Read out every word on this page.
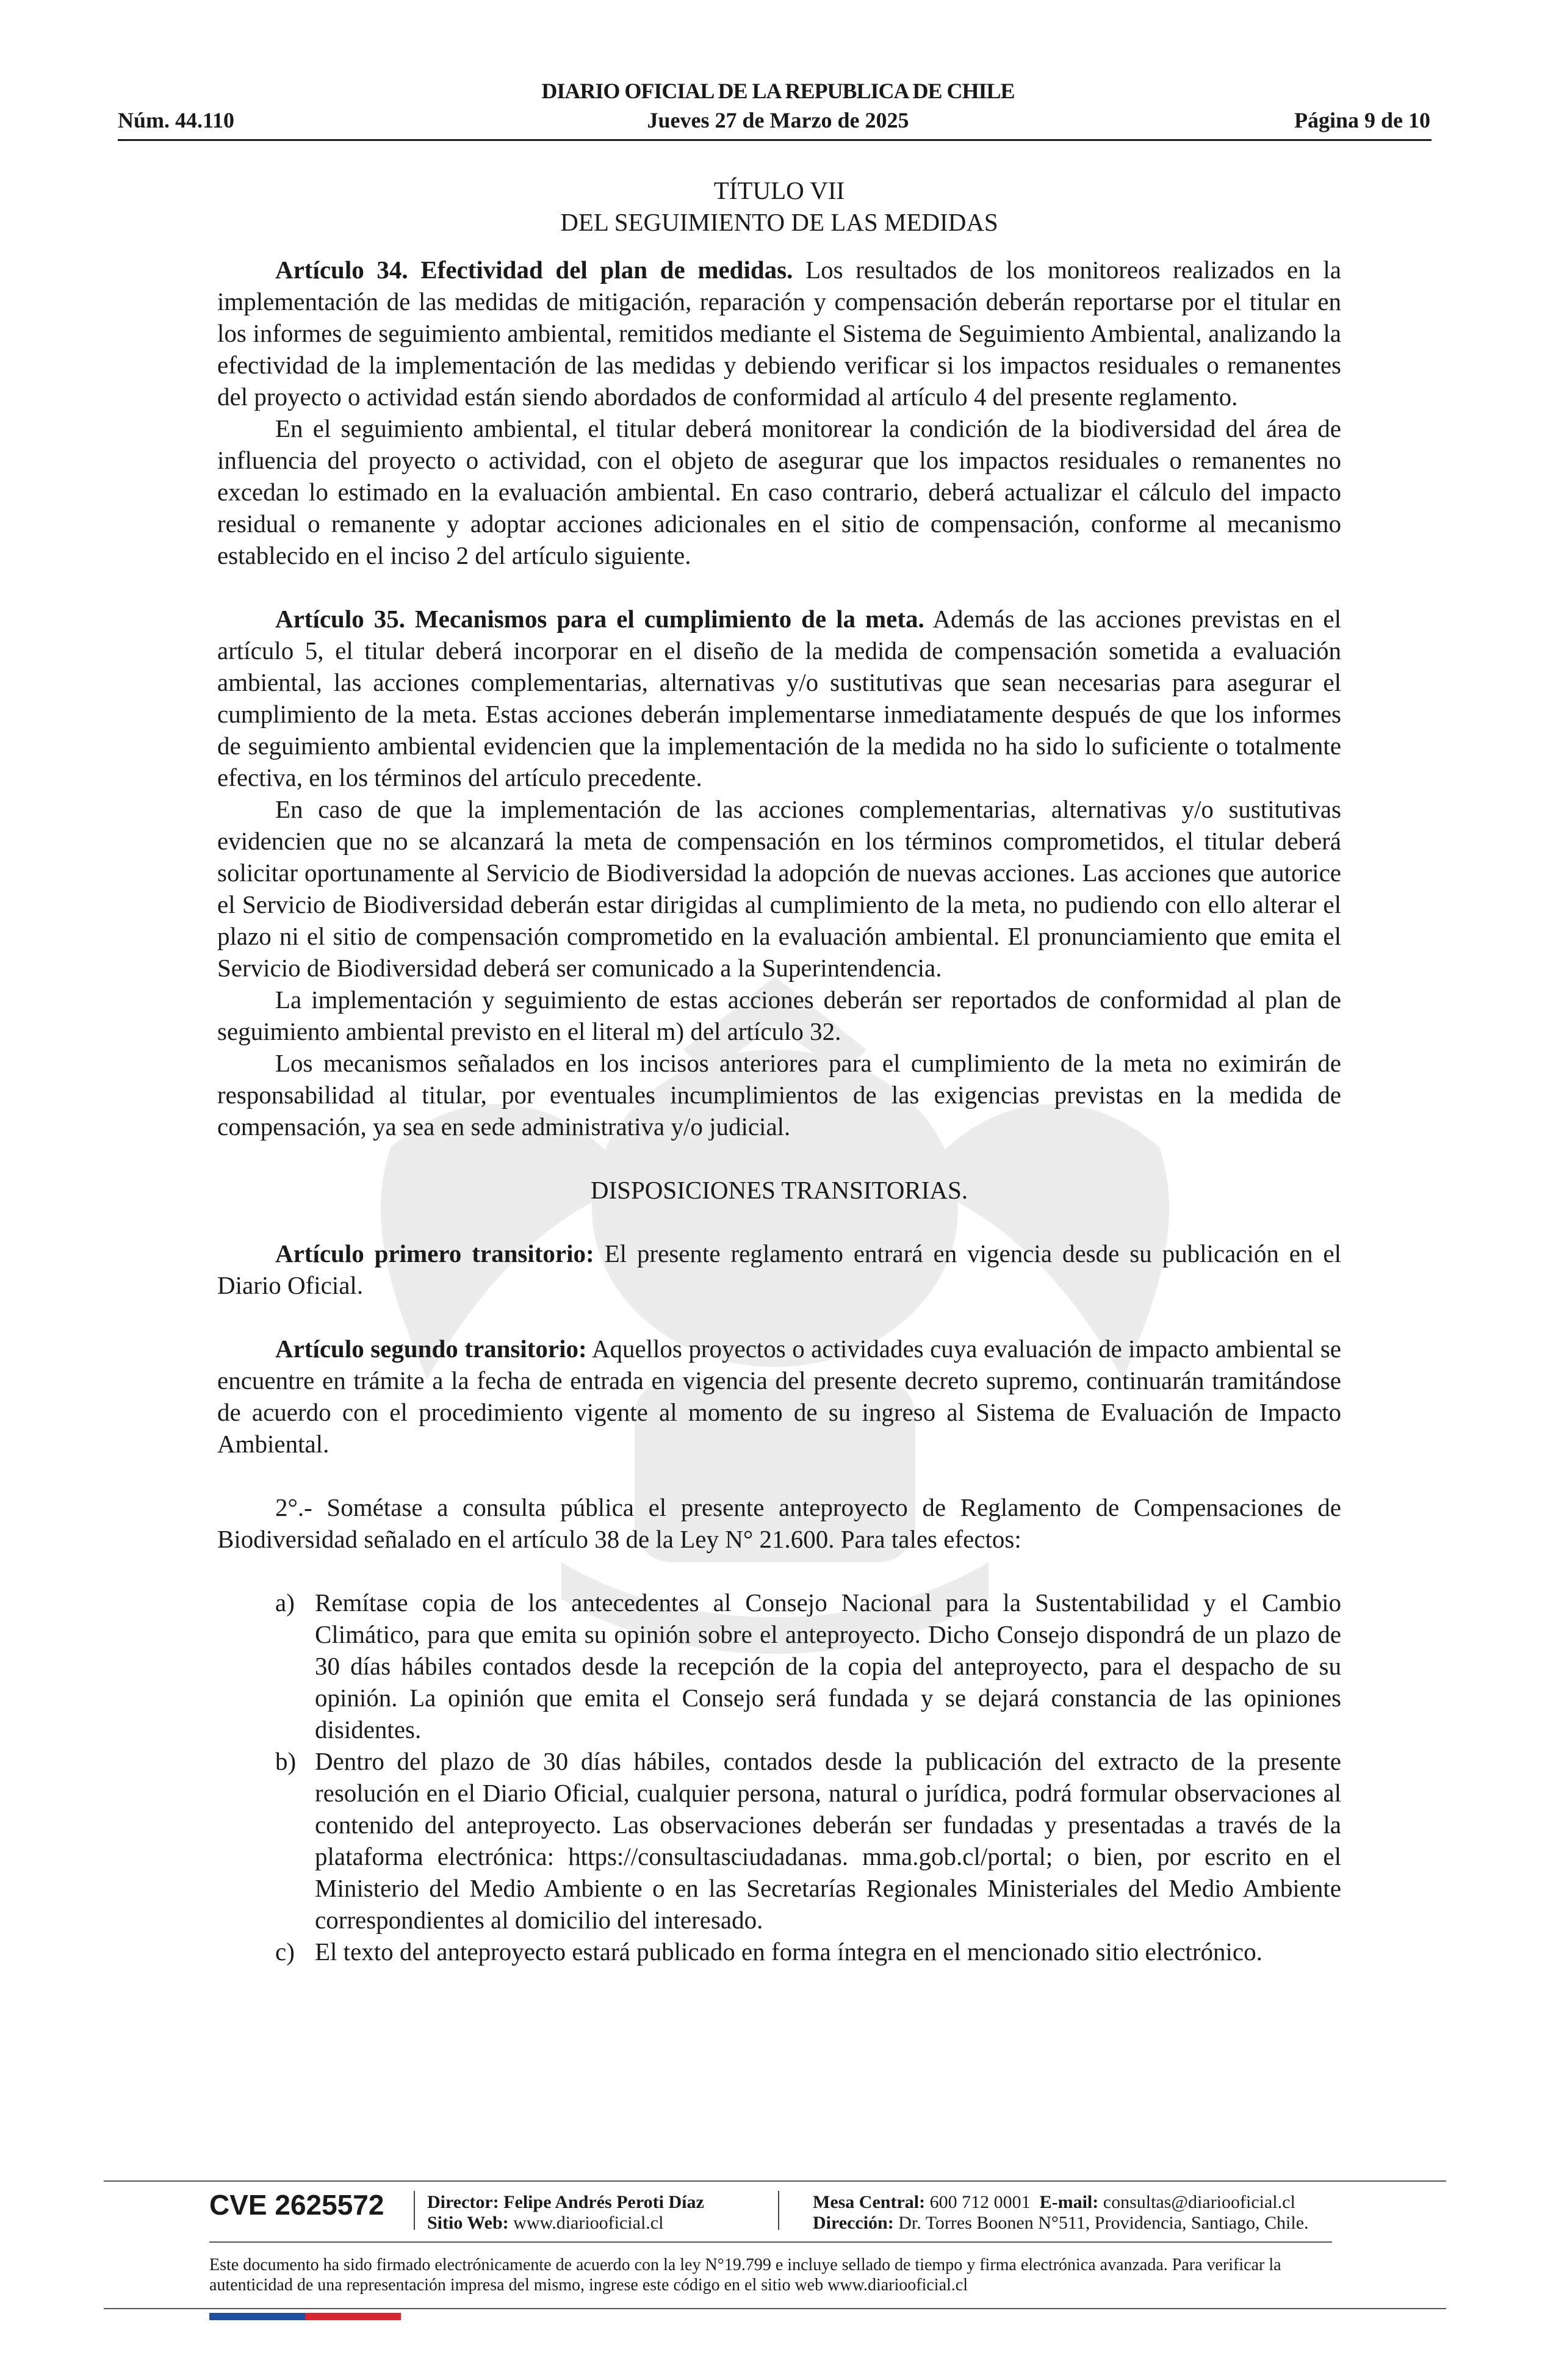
DIARIO OFICIAL DE LA REPUBLICA DE CHILE
Núm. 44.110	Jueves 27 de Marzo de 2025	Página 9 de 10
TÍTULO VII
DEL SEGUIMIENTO DE LAS MEDIDAS

Artículo 34. Efectividad del plan de medidas. Los resultados de los monitoreos realizados en la implementación de las medidas de mitigación, reparación y compensación deberán reportarse por el titular en los informes de seguimiento ambiental, remitidos mediante el Sistema de Seguimiento Ambiental, analizando la efectividad de la implementación de las medidas y debiendo verificar si los impactos residuales o remanentes del proyecto o actividad están siendo abordados de conformidad al artículo 4 del presente reglamento.

En el seguimiento ambiental, el titular deberá monitorear la condición de la biodiversidad del área de influencia del proyecto o actividad, con el objeto de asegurar que los impactos residuales o remanentes no excedan lo estimado en la evaluación ambiental. En caso contrario, deberá actualizar el cálculo del impacto residual o remanente y adoptar acciones adicionales en el sitio de compensación, conforme al mecanismo establecido en el inciso 2 del artículo siguiente.

Artículo 35. Mecanismos para el cumplimiento de la meta. Además de las acciones previstas en el artículo 5, el titular deberá incorporar en el diseño de la medida de compensación sometida a evaluación ambiental, las acciones complementarias, alternativas y/o sustitutivas que sean necesarias para asegurar el cumplimiento de la meta. Estas acciones deberán implementarse inmediatamente después de que los informes de seguimiento ambiental evidencien que la implementación de la medida no ha sido lo suficiente o totalmente efectiva, en los términos del artículo precedente.

En caso de que la implementación de las acciones complementarias, alternativas y/o sustitutivas evidencien que no se alcanzará la meta de compensación en los términos comprometidos, el titular deberá solicitar oportunamente al Servicio de Biodiversidad la adopción de nuevas acciones. Las acciones que autorice el Servicio de Biodiversidad deberán estar dirigidas al cumplimiento de la meta, no pudiendo con ello alterar el plazo ni el sitio de compensación comprometido en la evaluación ambiental. El pronunciamiento que emita el Servicio de Biodiversidad deberá ser comunicado a la Superintendencia.

La implementación y seguimiento de estas acciones deberán ser reportados de conformidad al plan de seguimiento ambiental previsto en el literal m) del artículo 32.

Los mecanismos señalados en los incisos anteriores para el cumplimiento de la meta no eximirán de responsabilidad al titular, por eventuales incumplimientos de las exigencias previstas en la medida de compensación, ya sea en sede administrativa y/o judicial.

DISPOSICIONES TRANSITORIAS.

Artículo primero transitorio: El presente reglamento entrará en vigencia desde su publicación en el Diario Oficial.

Artículo segundo transitorio: Aquellos proyectos o actividades cuya evaluación de impacto ambiental se encuentre en trámite a la fecha de entrada en vigencia del presente decreto supremo, continuarán tramitándose de acuerdo con el procedimiento vigente al momento de su ingreso al Sistema de Evaluación de Impacto Ambiental.

2°.- Sométase a consulta pública el presente anteproyecto de Reglamento de Compensaciones de Biodiversidad señalado en el artículo 38 de la Ley N° 21.600. Para tales efectos:

a) Remítase copia de los antecedentes al Consejo Nacional para la Sustentabilidad y el Cambio Climático, para que emita su opinión sobre el anteproyecto. Dicho Consejo dispondrá de un plazo de 30 días hábiles contados desde la recepción de la copia del anteproyecto, para el despacho de su opinión. La opinión que emita el Consejo será fundada y se dejará constancia de las opiniones disidentes.
b) Dentro del plazo de 30 días hábiles, contados desde la publicación del extracto de la presente resolución en el Diario Oficial, cualquier persona, natural o jurídica, podrá formular observaciones al contenido del anteproyecto. Las observaciones deberán ser fundadas y presentadas a través de la plataforma electrónica: https://consultasciudadanas. mma.gob.cl/portal; o bien, por escrito en el Ministerio del Medio Ambiente o en las Secretarías Regionales Ministeriales del Medio Ambiente correspondientes al domicilio del interesado.
c) El texto del anteproyecto estará publicado en forma íntegra en el mencionado sitio electrónico.
CVE 2625572 Director: Felipe Andrés Peroti Díaz
Sitio Web: www.diariooficial.cl
Mesa Central: 600 712 0001 E-mail: consultas@diariooficial.cl
Dirección: Dr. Torres Boonen N°511, Providencia, Santiago, Chile.
Este documento ha sido firmado electrónicamente de acuerdo con la ley N°19.799 e incluye sellado de tiempo y firma electrónica avanzada. Para verificar la autenticidad de una representación impresa del mismo, ingrese este código en el sitio web www.diariooficial.cl
